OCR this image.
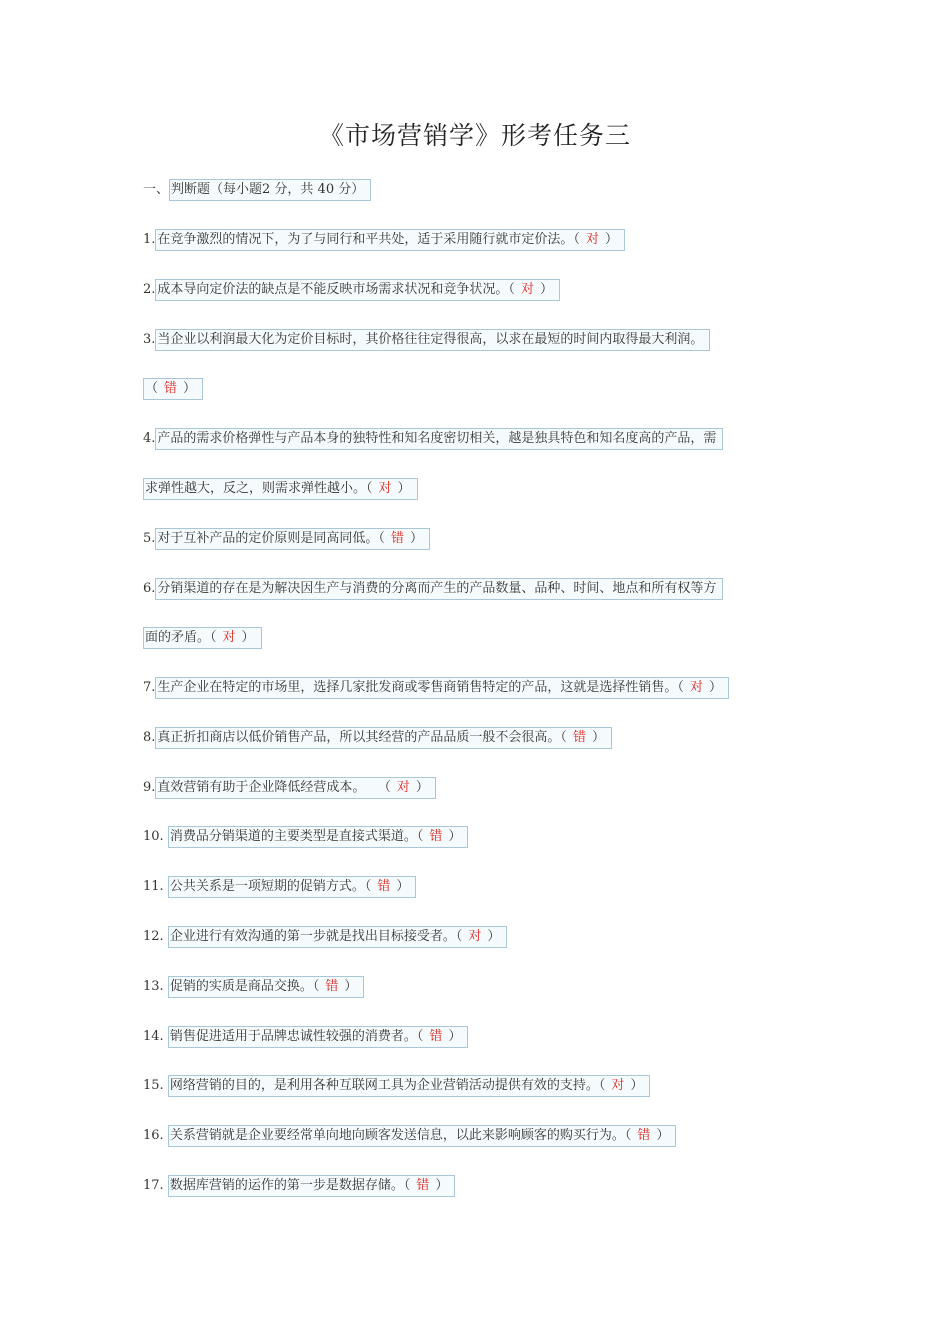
《市场营销学》形考任务三
一、 判断题（每小题2 分，共 40 分）
1. 在竞争激烈的情况下，为了与同行和平共处，适于采用随行就市定价法。（ 对 ）
2. 成本导向定价法的缺点是不能反映市场需求状况和竞争状况。（ 对 ）
3. 当企业以利润最大化为定价目标时，其价格往往定得很高，以求在最短的时间内取得最大利润。
（ 错 ）
4. 产品的需求价格弹性与产品本身的独特性和知名度密切相关，越是独具特色和知名度高的产品，需
求弹性越大，反之，则需求弹性越小。（ 对 ）
5. 对于互补产品的定价原则是同高同低。（ 错 ）
6. 分销渠道的存在是为解决因生产与消费的分离而产生的产品数量、品种、时间、地点和所有权等方
面的矛盾。（ 对 ）
7. 生产企业在特定的市场里，选择几家批发商或零售商销售特定的产品，这就是选择性销售。（ 对 ）
8. 真正折扣商店以低价销售产品，所以其经营的产品品质一般不会很高。（ 错 ）
9. 直效营销有助于企业降低经营成本。 （ 对 ）
10. 消费品分销渠道的主要类型是直接式渠道。（ 错 ）
11. 公共关系是一项短期的促销方式。（ 错 ）
12. 企业进行有效沟通的第一步就是找出目标接受者。（ 对 ）
13. 促销的实质是商品交换。（ 错 ）
14. 销售促进适用于品牌忠诚性较强的消费者。（ 错 ）
15. 网络营销的目的，是利用各种互联网工具为企业营销活动提供有效的支持。（ 对 ）
16. 关系营销就是企业要经常单向地向顾客发送信息，以此来影响顾客的购买行为。（ 错 ）
17. 数据库营销的运作的第一步是数据存储。（ 错 ）
